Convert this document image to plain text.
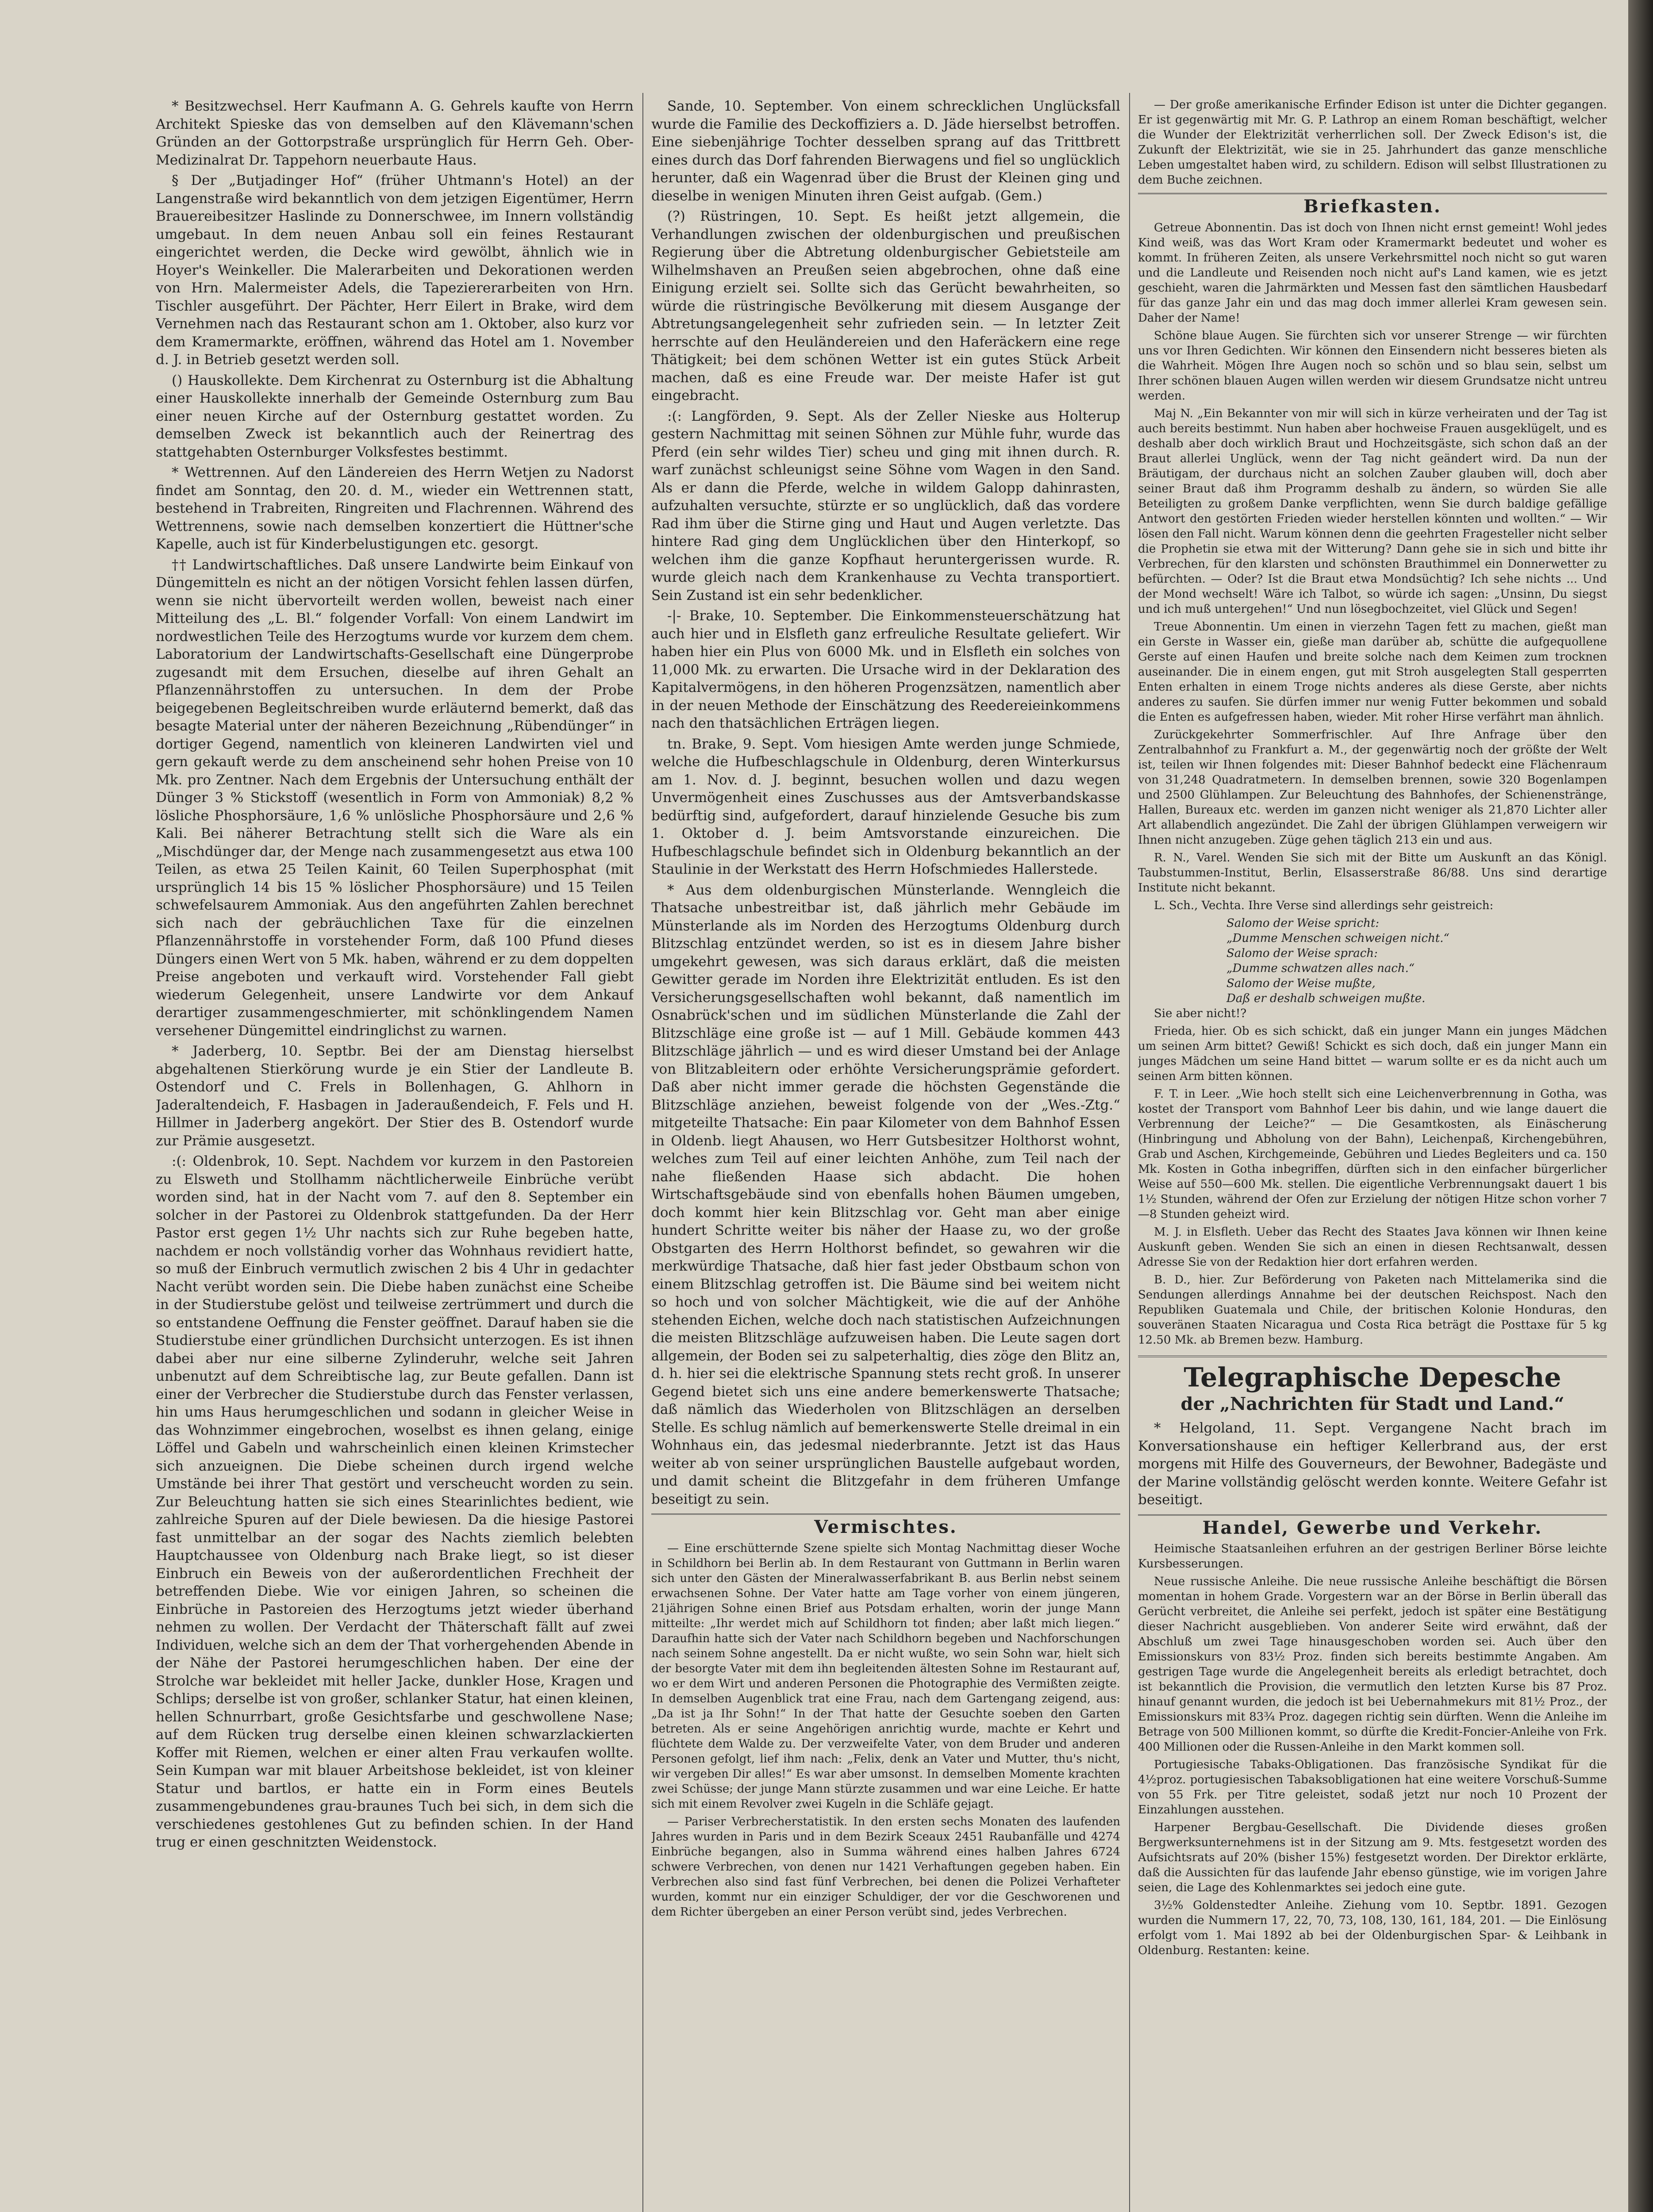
* Besitzwechsel. Herr Kaufmann A. G. Gehrels kaufte von Herrn Architekt Spieske das von demselben auf den Klävemann'schen Gründen an der Gottorpstraße ursprünglich für Herrn Geh. Ober-Medizinalrat Dr. Tappehorn neuerbaute Haus.

§ Der „Butjadinger Hof“ (früher Uhtmann's Hotel) an der Langenstraße wird bekanntlich von dem jetzigen Eigentümer, Herrn Brauereibesitzer Haslinde zu Donnerschwee, im Innern vollständig umgebaut. In dem neuen Anbau soll ein feines Restaurant eingerichtet werden, die Decke wird gewölbt, ähnlich wie in Hoyer's Weinkeller. Die Malerarbeiten und Dekorationen werden von Hrn. Malermeister Adels, die Tapeziererarbeiten von Hrn. Tischler ausgeführt. Der Pächter, Herr Eilert in Brake, wird dem Vernehmen nach das Restaurant schon am 1. Oktober, also kurz vor dem Kramermarkte, eröffnen, während das Hotel am 1. November d. J. in Betrieb gesetzt werden soll.

() Hauskollekte. Dem Kirchenrat zu Osternburg ist die Abhaltung einer Hauskollekte innerhalb der Gemeinde Osternburg zum Bau einer neuen Kirche auf der Osternburg gestattet worden. Zu demselben Zweck ist bekanntlich auch der Reinertrag des stattgehabten Osternburger Volksfestes bestimmt.

* Wettrennen. Auf den Ländereien des Herrn Wetjen zu Nadorst findet am Sonntag, den 20. d. M., wieder ein Wettrennen statt, bestehend in Trabreiten, Ringreiten und Flachrennen. Während des Wettrennens, sowie nach demselben konzertiert die Hüttner'sche Kapelle, auch ist für Kinderbelustigungen etc. gesorgt.

†† Landwirtschaftliches. Daß unsere Landwirte beim Einkauf von Düngemitteln es nicht an der nötigen Vorsicht fehlen lassen dürfen, wenn sie nicht übervorteilt werden wollen, beweist nach einer Mitteilung des „L. Bl.“ folgender Vorfall: Von einem Landwirt im nordwestlichen Teile des Herzogtums wurde vor kurzem dem chem. Laboratorium der Landwirtschafts-Gesellschaft eine Düngerprobe zugesandt mit dem Ersuchen, dieselbe auf ihren Gehalt an Pflanzennährstoffen zu untersuchen. In dem der Probe beigegebenen Begleitschreiben wurde erläuternd bemerkt, daß das besagte Material unter der näheren Bezeichnung „Rübendünger“ in dortiger Gegend, namentlich von kleineren Landwirten viel und gern gekauft werde zu dem anscheinend sehr hohen Preise von 10 Mk. pro Zentner. Nach dem Ergebnis der Untersuchung enthält der Dünger 3 % Stickstoff (wesentlich in Form von Ammoniak) 8,2 % lösliche Phosphorsäure, 1,6 % unlösliche Phosphorsäure und 2,6 % Kali. Bei näherer Betrachtung stellt sich die Ware als ein „Mischdünger dar, der Menge nach zusammengesetzt aus etwa 100 Teilen, as etwa 25 Teilen Kainit, 60 Teilen Superphosphat (mit ursprünglich 14 bis 15 % löslicher Phosphorsäure) und 15 Teilen schwefelsaurem Ammoniak. Aus den angeführten Zahlen berechnet sich nach der gebräuchlichen Taxe für die einzelnen Pflanzennährstoffe in vorstehender Form, daß 100 Pfund dieses Düngers einen Wert von 5 Mk. haben, während er zu dem doppelten Preise angeboten und verkauft wird. Vorstehender Fall giebt wiederum Gelegenheit, unsere Landwirte vor dem Ankauf derartiger zusammengeschmierter, mit schönklingendem Namen versehener Düngemittel eindringlichst zu warnen.

* Jaderberg, 10. Septbr. Bei der am Dienstag hierselbst abgehaltenen Stierkörung wurde je ein Stier der Landleute B. Ostendorf und C. Frels in Bollenhagen, G. Ahlhorn in Jaderaltendeich, F. Hasbagen in Jaderaußendeich, F. Fels und H. Hillmer in Jaderberg angekört. Der Stier des B. Ostendorf wurde zur Prämie ausgesetzt.

:(: Oldenbrok, 10. Sept. Nachdem vor kurzem in den Pastoreien zu Elsweth und Stollhamm nächtlicherweile Einbrüche verübt worden sind, hat in der Nacht vom 7. auf den 8. September ein solcher in der Pastorei zu Oldenbrok stattgefunden. Da der Herr Pastor erst gegen 1½ Uhr nachts sich zur Ruhe begeben hatte, nachdem er noch vollständig vorher das Wohnhaus revidiert hatte, so muß der Einbruch vermutlich zwischen 2 bis 4 Uhr in gedachter Nacht verübt worden sein. Die Diebe haben zunächst eine Scheibe in der Studierstube gelöst und teilweise zertrümmert und durch die so entstandene Oeffnung die Fenster geöffnet. Darauf haben sie die Studierstube einer gründlichen Durchsicht unterzogen. Es ist ihnen dabei aber nur eine silberne Zylinderuhr, welche seit Jahren unbenutzt auf dem Schreibtische lag, zur Beute gefallen. Dann ist einer der Verbrecher die Studierstube durch das Fenster verlassen, hin ums Haus herumgeschlichen und sodann in gleicher Weise in das Wohnzimmer eingebrochen, woselbst es ihnen gelang, einige Löffel und Gabeln und wahrscheinlich einen kleinen Krimstecher sich anzueignen. Die Diebe scheinen durch irgend welche Umstände bei ihrer That gestört und verscheucht worden zu sein. Zur Beleuchtung hatten sie sich eines Stearinlichtes bedient, wie zahlreiche Spuren auf der Diele bewiesen. Da die hiesige Pastorei fast unmittelbar an der sogar des Nachts ziemlich belebten Hauptchaussee von Oldenburg nach Brake liegt, so ist dieser Einbruch ein Beweis von der außerordentlichen Frechheit der betreffenden Diebe. Wie vor einigen Jahren, so scheinen die Einbrüche in Pastoreien des Herzogtums jetzt wieder überhand nehmen zu wollen. Der Verdacht der Thäterschaft fällt auf zwei Individuen, welche sich an dem der That vorhergehenden Abende in der Nähe der Pastorei herumgeschlichen haben. Der eine der Strolche war bekleidet mit heller Jacke, dunkler Hose, Kragen und Schlips; derselbe ist von großer, schlanker Statur, hat einen kleinen, hellen Schnurrbart, große Gesichtsfarbe und geschwollene Nase; auf dem Rücken trug derselbe einen kleinen schwarzlackierten Koffer mit Riemen, welchen er einer alten Frau verkaufen wollte. Sein Kumpan war mit blauer Arbeitshose bekleidet, ist von kleiner Statur und bartlos, er hatte ein in Form eines Beutels zusammengebundenes grau-braunes Tuch bei sich, in dem sich die verschiedenes gestohlenes Gut zu befinden schien. In der Hand trug er einen geschnitzten Weidenstock.

Sande, 10. September. Von einem schrecklichen Unglücksfall wurde die Familie des Deckoffiziers a. D. Jäde hierselbst betroffen. Eine siebenjährige Tochter desselben sprang auf das Trittbrett eines durch das Dorf fahrenden Bierwagens und fiel so unglücklich herunter, daß ein Wagenrad über die Brust der Kleinen ging und dieselbe in wenigen Minuten ihren Geist aufgab. (Gem.)

(?) Rüstringen, 10. Sept. Es heißt jetzt allgemein, die Verhandlungen zwischen der oldenburgischen und preußischen Regierung über die Abtretung oldenburgischer Gebietsteile am Wilhelmshaven an Preußen seien abgebrochen, ohne daß eine Einigung erzielt sei. Sollte sich das Gerücht bewahrheiten, so würde die rüstringische Bevölkerung mit diesem Ausgange der Abtretungsangelegenheit sehr zufrieden sein. — In letzter Zeit herrschte auf den Heuländereien und den Haferäckern eine rege Thätigkeit; bei dem schönen Wetter ist ein gutes Stück Arbeit machen, daß es eine Freude war. Der meiste Hafer ist gut eingebracht.

:(: Langförden, 9. Sept. Als der Zeller Nieske aus Holterup gestern Nachmittag mit seinen Söhnen zur Mühle fuhr, wurde das Pferd (ein sehr wildes Tier) scheu und ging mit ihnen durch. R. warf zunächst schleunigst seine Söhne vom Wagen in den Sand. Als er dann die Pferde, welche in wildem Galopp dahinrasten, aufzuhalten versuchte, stürzte er so unglücklich, daß das vordere Rad ihm über die Stirne ging und Haut und Augen verletzte. Das hintere Rad ging dem Unglücklichen über den Hinterkopf, so welchen ihm die ganze Kopfhaut heruntergerissen wurde. R. wurde gleich nach dem Krankenhause zu Vechta transportiert. Sein Zustand ist ein sehr bedenklicher.

-|- Brake, 10. September. Die Einkommensteuerschätzung hat auch hier und in Elsfleth ganz erfreuliche Resultate geliefert. Wir haben hier ein Plus von 6000 Mk. und in Elsfleth ein solches von 11,000 Mk. zu erwarten. Die Ursache wird in der Deklaration des Kapitalvermögens, in den höheren Progenzsätzen, namentlich aber in der neuen Methode der Einschätzung des Reedereieinkommens nach den thatsächlichen Erträgen liegen.

tn. Brake, 9. Sept. Vom hiesigen Amte werden junge Schmiede, welche die Hufbeschlagschule in Oldenburg, deren Winterkursus am 1. Nov. d. J. beginnt, besuchen wollen und dazu wegen Unvermögenheit eines Zuschusses aus der Amtsverbandskasse bedürftig sind, aufgefordert, darauf hinzielende Gesuche bis zum 1. Oktober d. J. beim Amtsvorstande einzureichen. Die Hufbeschlagschule befindet sich in Oldenburg bekanntlich an der Staulinie in der Werkstatt des Herrn Hofschmiedes Hallerstede.

* Aus dem oldenburgischen Münsterlande. Wenngleich die Thatsache unbestreitbar ist, daß jährlich mehr Gebäude im Münsterlande als im Norden des Herzogtums Oldenburg durch Blitzschlag entzündet werden, so ist es in diesem Jahre bisher umgekehrt gewesen, was sich daraus erklärt, daß die meisten Gewitter gerade im Norden ihre Elektrizität entluden. Es ist den Versicherungsgesellschaften wohl bekannt, daß namentlich im Osnabrück'schen und im südlichen Münsterlande die Zahl der Blitzschläge eine große ist — auf 1 Mill. Gebäude kommen 443 Blitzschläge jährlich — und es wird dieser Umstand bei der Anlage von Blitzableitern oder erhöhte Versicherungsprämie gefordert. Daß aber nicht immer gerade die höchsten Gegenstände die Blitzschläge anziehen, beweist folgende von der „Wes.-Ztg.“ mitgeteilte Thatsache: Ein paar Kilometer von dem Bahnhof Essen in Oldenb. liegt Ahausen, wo Herr Gutsbesitzer Holthorst wohnt, welches zum Teil auf einer leichten Anhöhe, zum Teil nach der nahe fließenden Haase sich abdacht. Die hohen Wirtschaftsgebäude sind von ebenfalls hohen Bäumen umgeben, doch kommt hier kein Blitzschlag vor. Geht man aber einige hundert Schritte weiter bis näher der Haase zu, wo der große Obstgarten des Herrn Holthorst befindet, so gewahren wir die merkwürdige Thatsache, daß hier fast jeder Obstbaum schon von einem Blitzschlag getroffen ist. Die Bäume sind bei weitem nicht so hoch und von solcher Mächtigkeit, wie die auf der Anhöhe stehenden Eichen, welche doch nach statistischen Aufzeichnungen die meisten Blitzschläge aufzuweisen haben. Die Leute sagen dort allgemein, der Boden sei zu salpeterhaltig, dies zöge den Blitz an, d. h. hier sei die elektrische Spannung stets recht groß. In unserer Gegend bietet sich uns eine andere bemerkenswerte Thatsache; daß nämlich das Wiederholen von Blitzschlägen an derselben Stelle. Es schlug nämlich auf bemerkenswerte Stelle dreimal in ein Wohnhaus ein, das jedesmal niederbrannte. Jetzt ist das Haus weiter ab von seiner ursprünglichen Baustelle aufgebaut worden, und damit scheint die Blitzgefahr in dem früheren Umfange beseitigt zu sein.

Vermischtes.

— Eine erschütternde Szene spielte sich Montag Nachmittag dieser Woche in Schildhorn bei Berlin ab. In dem Restaurant von Guttmann in Berlin waren sich unter den Gästen der Mineralwasserfabrikant B. aus Berlin nebst seinem erwachsenen Sohne. Der Vater hatte am Tage vorher von einem jüngeren, 21jährigen Sohne einen Brief aus Potsdam erhalten, worin der junge Mann mitteilte: „Ihr werdet mich auf Schildhorn tot finden; aber laßt mich liegen.“ Daraufhin hatte sich der Vater nach Schildhorn begeben und Nachforschungen nach seinem Sohne angestellt. Da er nicht wußte, wo sein Sohn war, hielt sich der besorgte Vater mit dem ihn begleitenden ältesten Sohne im Restaurant auf, wo er dem Wirt und anderen Personen die Photographie des Vermißten zeigte. In demselben Augenblick trat eine Frau, nach dem Gartengang zeigend, aus: „Da ist ja Ihr Sohn!“ In der That hatte der Gesuchte soeben den Garten betreten. Als er seine Angehörigen anrichtig wurde, machte er Kehrt und flüchtete dem Walde zu. Der verzweifelte Vater, von dem Bruder und anderen Personen gefolgt, lief ihm nach: „Felix, denk an Vater und Mutter, thu's nicht, wir vergeben Dir alles!“ Es war aber umsonst. In demselben Momente krachten zwei Schüsse; der junge Mann stürzte zusammen und war eine Leiche. Er hatte sich mit einem Revolver zwei Kugeln in die Schläfe gejagt.

— Pariser Verbrecherstatistik. In den ersten sechs Monaten des laufenden Jahres wurden in Paris und in dem Bezirk Sceaux 2451 Raubanfälle und 4274 Einbrüche begangen, also in Summa während eines halben Jahres 6724 schwere Verbrechen, von denen nur 1421 Verhaftungen gegeben haben. Ein Verbrechen also sind fast fünf Verbrechen, bei denen die Polizei Verhafteter wurden, kommt nur ein einziger Schuldiger, der vor die Geschworenen und dem Richter übergeben an einer Person verübt sind, jedes Verbrechen.

— Der große amerikanische Erfinder Edison ist unter die Dichter gegangen. Er ist gegenwärtig mit Mr. G. P. Lathrop an einem Roman beschäftigt, welcher die Wunder der Elektrizität verherrlichen soll. Der Zweck Edison's ist, die Zukunft der Elektrizität, wie sie in 25. Jahrhundert das ganze menschliche Leben umgestaltet haben wird, zu schildern. Edison will selbst Illustrationen zu dem Buche zeichnen.

Briefkasten.

Getreue Abonnentin. Das ist doch von Ihnen nicht ernst gemeint! Wohl jedes Kind weiß, was das Wort Kram oder Kramermarkt bedeutet und woher es kommt. In früheren Zeiten, als unsere Verkehrsmittel noch nicht so gut waren und die Landleute und Reisenden noch nicht auf's Land kamen, wie es jetzt geschieht, waren die Jahrmärkten und Messen fast den sämtlichen Hausbedarf für das ganze Jahr ein und das mag doch immer allerlei Kram gewesen sein. Daher der Name!

Schöne blaue Augen. Sie fürchten sich vor unserer Strenge — wir fürchten uns vor Ihren Gedichten. Wir können den Einsendern nicht besseres bieten als die Wahrheit. Mögen Ihre Augen noch so schön und so blau sein, selbst um Ihrer schönen blauen Augen willen werden wir diesem Grundsatze nicht untreu werden.

Maj N. „Ein Bekannter von mir will sich in kürze verheiraten und der Tag ist auch bereits bestimmt. Nun haben aber hochweise Frauen ausgeklügelt, und es deshalb aber doch wirklich Braut und Hochzeitsgäste, sich schon daß an der Braut allerlei Unglück, wenn der Tag nicht geändert wird. Da nun der Bräutigam, der durchaus nicht an solchen Zauber glauben will, doch aber seiner Braut daß ihm Programm deshalb zu ändern, so würden Sie alle Beteiligten zu großem Danke verpflichten, wenn Sie durch baldige gefällige Antwort den gestörten Frieden wieder herstellen könnten und wollten.“ — Wir lösen den Fall nicht. Warum können denn die geehrten Fragesteller nicht selber die Prophetin sie etwa mit der Witterung? Dann gehe sie in sich und bitte ihr Verbrechen, für den klarsten und schönsten Brauthimmel ein Donnerwetter zu befürchten. — Oder? Ist die Braut etwa Mondsüchtig? Ich sehe nichts ... Und der Mond wechselt! Wäre ich Talbot, so würde ich sagen: „Unsinn, Du siegst und ich muß untergehen!“ Und nun lösegbochzeitet, viel Glück und Segen!

Treue Abonnentin. Um einen in vierzehn Tagen fett zu machen, gießt man ein Gerste in Wasser ein, gieße man darüber ab, schütte die aufgequollene Gerste auf einen Haufen und breite solche nach dem Keimen zum trocknen auseinander. Die in einem engen, gut mit Stroh ausgelegten Stall gesperrten Enten erhalten in einem Troge nichts anderes als diese Gerste, aber nichts anderes zu saufen. Sie dürfen immer nur wenig Futter bekommen und sobald die Enten es aufgefressen haben, wieder. Mit roher Hirse verfährt man ähnlich.

Zurückgekehrter Sommerfrischler. Auf Ihre Anfrage über den Zentralbahnhof zu Frankfurt a. M., der gegenwärtig noch der größte der Welt ist, teilen wir Ihnen folgendes mit: Dieser Bahnhof bedeckt eine Flächenraum von 31,248 Quadratmetern. In demselben brennen, sowie 320 Bogenlampen und 2500 Glühlampen. Zur Beleuchtung des Bahnhofes, der Schienenstränge, Hallen, Bureaux etc. werden im ganzen nicht weniger als 21,870 Lichter aller Art allabendlich angezündet. Die Zahl der übrigen Glühlampen verweigern wir Ihnen nicht anzugeben. Züge gehen täglich 213 ein und aus.

R. N., Varel. Wenden Sie sich mit der Bitte um Auskunft an das Königl. Taubstummen-Institut, Berlin, Elsasserstraße 86/88. Uns sind derartige Institute nicht bekannt.

L. Sch., Vechta. Ihre Verse sind allerdings sehr geistreich:

Salomo der Weise spricht:

„Dumme Menschen schweigen nicht.“

Salomo der Weise sprach:

„Dumme schwatzen alles nach.“

Salomo der Weise mußte,

Daß er deshalb schweigen mußte.

Sie aber nicht!?

Frieda, hier. Ob es sich schickt, daß ein junger Mann ein junges Mädchen um seinen Arm bittet? Gewiß! Schickt es sich doch, daß ein junger Mann ein junges Mädchen um seine Hand bittet — warum sollte er es da nicht auch um seinen Arm bitten können.

F. T. in Leer. „Wie hoch stellt sich eine Leichenverbrennung in Gotha, was kostet der Transport vom Bahnhof Leer bis dahin, und wie lange dauert die Verbrennung der Leiche?“ — Die Gesamtkosten, als Einäscherung (Hinbringung und Abholung von der Bahn), Leichenpaß, Kirchengebühren, Grab und Aschen, Kirchgemeinde, Gebühren und Liedes Begleiters und ca. 150 Mk. Kosten in Gotha inbegriffen, dürften sich in den einfacher bürgerlicher Weise auf 550—600 Mk. stellen. Die eigentliche Verbrennungsakt dauert 1 bis 1½ Stunden, während der Ofen zur Erzielung der nötigen Hitze schon vorher 7—8 Stunden geheizt wird.

M. J. in Elsfleth. Ueber das Recht des Staates Java können wir Ihnen keine Auskunft geben. Wenden Sie sich an einen in diesen Rechtsanwalt, dessen Adresse Sie von der Redaktion hier dort erfahren werden.

B. D., hier. Zur Beförderung von Paketen nach Mittelamerika sind die Sendungen allerdings Annahme bei der deutschen Reichspost. Nach den Republiken Guatemala und Chile, der britischen Kolonie Honduras, den souveränen Staaten Nicaragua und Costa Rica beträgt die Posttaxe für 5 kg 12.50 Mk. ab Bremen bezw. Hamburg.

Telegraphische Depesche
der „Nachrichten für Stadt und Land.“

* Helgoland, 11. Sept. Vergangene Nacht brach im Konversationshause ein heftiger Kellerbrand aus, der erst morgens mit Hilfe des Gouverneurs, der Bewohner, Badegäste und der Marine vollständig gelöscht werden konnte. Weitere Gefahr ist beseitigt.

Handel, Gewerbe und Verkehr.

Heimische Staatsanleihen erfuhren an der gestrigen Berliner Börse leichte Kursbesserungen.

Neue russische Anleihe. Die neue russische Anleihe beschäftigt die Börsen momentan in hohem Grade. Vorgestern war an der Börse in Berlin überall das Gerücht verbreitet, die Anleihe sei perfekt, jedoch ist später eine Bestätigung dieser Nachricht ausgeblieben. Von anderer Seite wird erwähnt, daß der Abschluß um zwei Tage hinausgeschoben worden sei. Auch über den Emissionskurs von 83½ Proz. finden sich bereits bestimmte Angaben. Am gestrigen Tage wurde die Angelegenheit bereits als erledigt betrachtet, doch ist bekanntlich die Provision, die vermutlich den letzten Kurse bis 87 Proz. hinauf genannt wurden, die jedoch ist bei Uebernahmekurs mit 81½ Proz., der Emissionskurs mit 83¾ Proz. dagegen richtig sein dürften. Wenn die Anleihe im Betrage von 500 Millionen kommt, so dürfte die Kredit-Foncier-Anleihe von Frk. 400 Millionen oder die Russen-Anleihe in den Markt kommen soll.

Portugiesische Tabaks-Obligationen. Das französische Syndikat für die 4½proz. portugiesischen Tabaksobligationen hat eine weitere Vorschuß-Summe von 55 Frk. per Titre geleistet, sodaß jetzt nur noch 10 Prozent der Einzahlungen ausstehen.

Harpener Bergbau-Gesellschaft. Die Dividende dieses großen Bergwerksunternehmens ist in der Sitzung am 9. Mts. festgesetzt worden des Aufsichtsrats auf 20% (bisher 15%) festgesetzt worden. Der Direktor erklärte, daß die Aussichten für das laufende Jahr ebenso günstige, wie im vorigen Jahre seien, die Lage des Kohlenmarktes sei jedoch eine gute.

3½% Goldenstedter Anleihe. Ziehung vom 10. Septbr. 1891. Gezogen wurden die Nummern 17, 22, 70, 73, 108, 130, 161, 184, 201. — Die Einlösung erfolgt vom 1. Mai 1892 ab bei der Oldenburgischen Spar- & Leihbank in Oldenburg. Restanten: keine.
